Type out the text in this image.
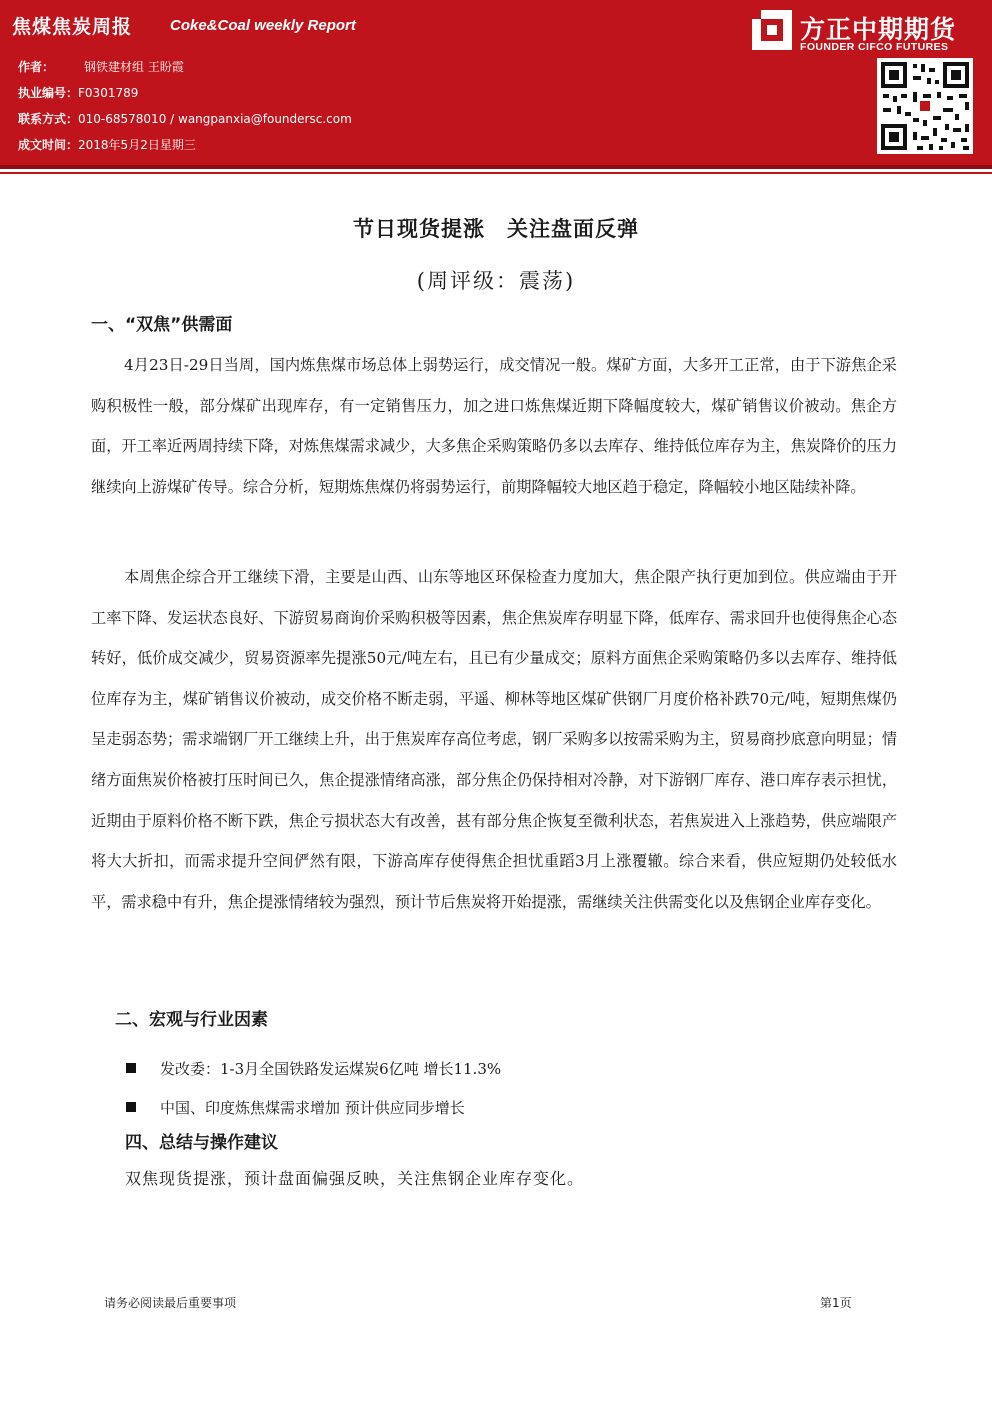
焦煤焦炭周报	Coke&Coal weekly Report
作者：	钢铁建材组 王盼霞
执业编号：F0301789
联系方式：010-68578010 / wangpanxia@foundersc.com
成文时间：2018年5月2日星期三
方正中期期货
FOUNDER CIFCO FUTURES
节日现货提涨　关注盘面反弹
(周评级：震荡)
一、“双焦”供需面
4月23日-29日当周，国内炼焦煤市场总体上弱势运行，成交情况一般。煤矿方面，大多开工正常，由于下游焦企采购积极性一般，部分煤矿出现库存，有一定销售压力，加之进口炼焦煤近期下降幅度较大，煤矿销售议价被动。焦企方面，开工率近两周持续下降，对炼焦煤需求减少，大多焦企采购策略仍多以去库存、维持低位库存为主，焦炭降价的压力继续向上游煤矿传导。综合分析，短期炼焦煤仍将弱势运行，前期降幅较大地区趋于稳定，降幅较小地区陆续补降。
本周焦企综合开工继续下滑，主要是山西、山东等地区环保检查力度加大，焦企限产执行更加到位。供应端由于开工率下降、发运状态良好、下游贸易商询价采购积极等因素，焦企焦炭库存明显下降，低库存、需求回升也使得焦企心态转好，低价成交减少，贸易资源率先提涨50元/吨左右，且已有少量成交；原料方面焦企采购策略仍多以去库存、维持低位库存为主，煤矿销售议价被动，成交价格不断走弱，平遥、柳林等地区煤矿供钢厂月度价格补跌70元/吨，短期焦煤仍呈走弱态势；需求端钢厂开工继续上升，出于焦炭库存高位考虑，钢厂采购多以按需采购为主，贸易商抄底意向明显；情绪方面焦炭价格被打压时间已久，焦企提涨情绪高涨，部分焦企仍保持相对冷静，对下游钢厂库存、港口库存表示担忧，近期由于原料价格不断下跌，焦企亏损状态大有改善，甚有部分焦企恢复至微利状态，若焦炭进入上涨趋势，供应端限产将大大折扣，而需求提升空间俨然有限，下游高库存使得焦企担忧重蹈3月上涨覆辙。综合来看，供应短期仍处较低水平，需求稳中有升，焦企提涨情绪较为强烈，预计节后焦炭将开始提涨，需继续关注供需变化以及焦钢企业库存变化。
二、宏观与行业因素
发改委：1-3月全国铁路发运煤炭6亿吨 增长11.3%
中国、印度炼焦煤需求增加 预计供应同步增长
四、总结与操作建议
双焦现货提涨，预计盘面偏强反映，关注焦钢企业库存变化。
请务必阅读最后重要事项	第1页
